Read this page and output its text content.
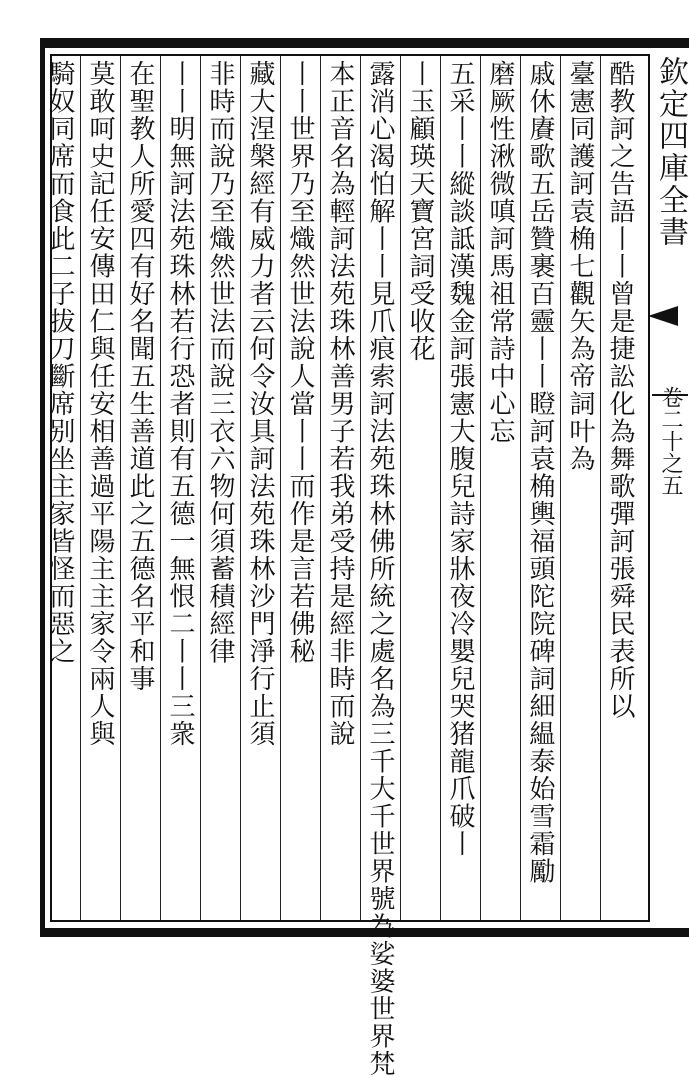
欽定四庫全書
卷二十之五
酷教訶之告語丨丨曾是捷訟化為舞歌彈訶張舜民表所以
臺憲同護訶袁桷七觀矢為帝詞叶為
戚休賡歌五岳贊裹百靈丨丨瞪訶袁桷輿福頭陀院碑詞細緼泰始雪霜勵
磨厥性湫微嗔訶馬祖常詩中心忘
五采丨丨縱談詆漢魏金訶張憲大腹兒詩家牀夜冷嬰兒哭猪龍爪破丨
丨玉顧瑛天寶宮詞受收花
露消心渴怕解丨丨見爪痕索訶法苑珠林佛所統之處名為三千大千世界號為娑婆世界梵
本正音名為輕訶法苑珠林善男子若我弟受持是經非時而說
丨丨世界乃至熾然世法說人當丨丨而作是言若佛秘
藏大涅槃經有威力者云何令汝具訶法苑珠林沙門淨行止須
非時而說乃至熾然世法而說三衣六物何須蓄積經律
丨丨明無訶法苑珠林若行恐者則有五德一無恨二丨丨三衆
在聖教人所愛四有好名聞五生善道此之五德名平和事
莫敢呵史記任安傳田仁與任安相善過平陽主主家令兩人與
騎奴同席而食此二子拔刀斷席别坐主家皆怪而惡之
